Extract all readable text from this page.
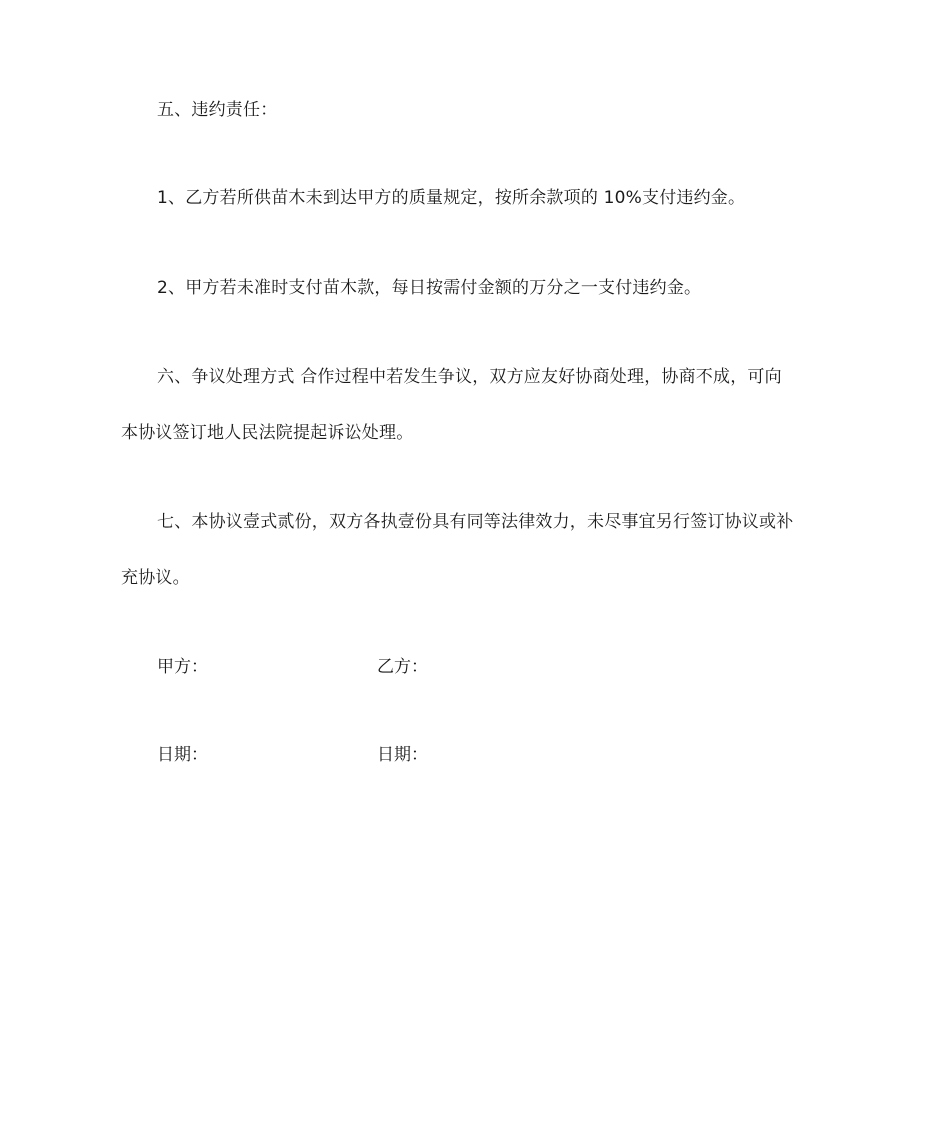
五、违约责任：
1、乙方若所供苗木未到达甲方的质量规定，按所余款项的 10%支付违约金。
2、甲方若未准时支付苗木款，每日按需付金额的万分之一支付违约金。
六、争议处理方式 合作过程中若发生争议，双方应友好协商处理，协商不成，可向
本协议签订地人民法院提起诉讼处理。
七、本协议壹式贰份，双方各执壹份具有同等法律效力，未尽事宜另行签订协议或补
充协议。
甲方：	乙方：
日期：	日期：
